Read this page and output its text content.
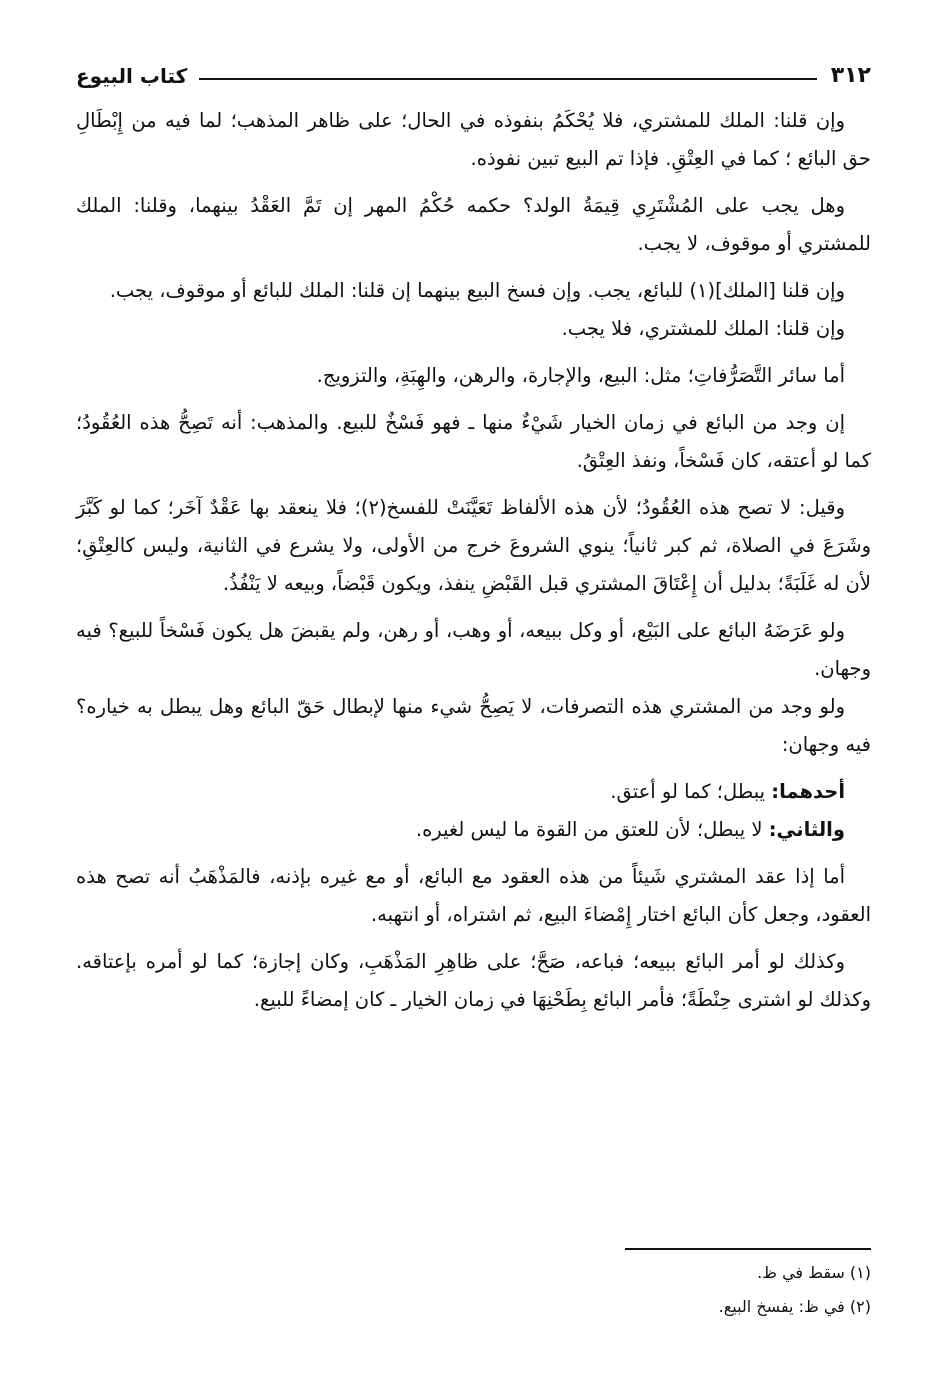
٣١٢
كتاب البيوع

وإن قلنا: الملك للمشتري، فلا يُحْكَمُ بنفوذه في الحال؛ على ظاهر المذهب؛ لما فيه من إِبْطَالِ حق البائع ؛ كما في العِتْقِ. فإذا تم البيع تبين نفوذه.

وهل يجب على المُشْتَرِي قِيمَةُ الولد؟ حكمه حُكْمُ المهر إن تَمَّ العَقْدُ بينهما، وقلنا: الملك للمشتري أو موقوف، لا يجب.

وإن قلنا [الملك](١) للبائع، يجب. وإن فسخ البيع بينهما إن قلنا: الملك للبائع أو موقوف، يجب.

وإن قلنا: الملك للمشتري، فلا يجب.

أما سائر التَّصَرُّفاتِ؛ مثل: البيع، والإجارة، والرهن، والهِبَةِ، والتزويج.

إن وجد من البائع في زمان الخيار شَيْءٌ منها ـ فهو فَسْخٌ للبيع. والمذهب: أنه تَصِحُّ هذه العُقُودُ؛ كما لو أعتقه، كان فَسْخاً، ونفذ العِتْقُ.

وقيل: لا تصح هذه العُقُودُ؛ لأن هذه الألفاظ تَعَيَّنَتْ للفسخ(٢)؛ فلا ينعقد بها عَقْدٌ آخَر؛ كما لو كَبَّرَ وشَرَعَ في الصلاة، ثم كبر ثانياً؛ ينوي الشروعَ خرج من الأولى، ولا يشرع في الثانية، وليس كالعِتْقِ؛ لأن له غَلَبَةً؛ بدليل أن إِعْتَاقَ المشتري قبل القَبْضِ ينفذ، ويكون قَبْضاً، وبيعه لا يَنْفُذُ.

ولو عَرَضَهُ البائع على البَيْع، أو وكل ببيعه، أو وهب، أو رهن، ولم يقبضَ هل يكون فَسْخاً للبيع؟ فيه وجهان.

ولو وجد من المشتري هذه التصرفات، لا يَصِحُّ شيء منها لإبطال حَقّ البائع وهل يبطل به خياره؟ فيه وجهان:

أحدهما: يبطل؛ كما لو أعتق.

والثاني: لا يبطل؛ لأن للعتق من القوة ما ليس لغيره.

أما إذا عقد المشتري شَيئاً من هذه العقود مع البائع، أو مع غيره بإذنه، فالمَذْهَبُ أنه تصح هذه العقود، وجعل كأن البائع اختار إِمْضاءَ البيع، ثم اشتراه، أو انتهبه.

وكذلك لو أمر البائع ببيعه؛ فباعه، صَحَّ؛ على ظاهِرِ المَذْهَبِ، وكان إجازة؛ كما لو أمره بإعتاقه. وكذلك لو اشترى حِنْطَةً؛ فأمر البائع بِطَحْنِهَا في زمان الخيار ـ كان إمضاءً للبيع.

(١) سقط في ظ.

(٢) في ظ: يفسخ البيع.
